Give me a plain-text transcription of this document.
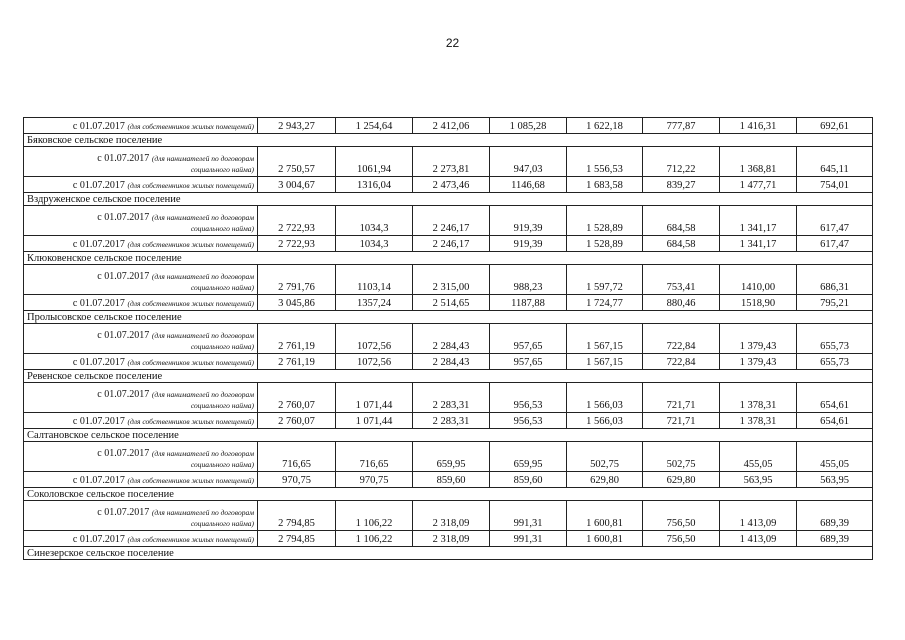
22
с 01.07.2017 (для собственников жилых помещений)	2 943,27	1 254,64	2 412,06	1 085,28	1 622,18	777,87	1 416,31	692,61
Бяковское сельское поселение								
с 01.07.2017 (для нанимателей по договорам
социального найма)	2 750,57	1061,94	2 273,81	947,03	1 556,53	712,22	1 368,81	645,11
с 01.07.2017 (для собственников жилых помещений)	3 004,67	1316,04	2 473,46	1146,68	1 683,58	839,27	1 477,71	754,01
Вздруженское сельское поселение								
с 01.07.2017 (для нанимателей по договорам
социального найма)	2 722,93	1034,3	2 246,17	919,39	1 528,89	684,58	1 341,17	617,47
с 01.07.2017 (для собственников жилых помещений)	2 722,93	1034,3	2 246,17	919,39	1 528,89	684,58	1 341,17	617,47
Клюковенское сельское поселение								
с 01.07.2017 (для нанимателей по договорам
социального найма)	2 791,76	1103,14	2 315,00	988,23	1 597,72	753,41	1410,00	686,31
с 01.07.2017 (для собственников жилых помещений)	3 045,86	1357,24	2 514,65	1187,88	1 724,77	880,46	1518,90	795,21
Пролысовское сельское поселение								
с 01.07.2017 (для нанимателей по договорам
социального найма)	2 761,19	1072,56	2 284,43	957,65	1 567,15	722,84	1 379,43	655,73
с 01.07.2017 (для собственников жилых помещений)	2 761,19	1072,56	2 284,43	957,65	1 567,15	722,84	1 379,43	655,73
Ревенское сельское поселение								
с 01.07.2017 (для нанимателей по договорам
социального найма)	2 760,07	1 071,44	2 283,31	956,53	1 566,03	721,71	1 378,31	654,61
с 01.07.2017 (для собственников жилых помещений)	2 760,07	1 071,44	2 283,31	956,53	1 566,03	721,71	1 378,31	654,61
Салтановское сельское поселение								
с 01.07.2017 (для нанимателей по договорам
социального найма)	716,65	716,65	659,95	659,95	502,75	502,75	455,05	455,05
с 01.07.2017 (для собственников жилых помещений)	970,75	970,75	859,60	859,60	629,80	629,80	563,95	563,95
Соколовское сельское поселение								
с 01.07.2017 (для нанимателей по договорам
социального найма)	2 794,85	1 106,22	2 318,09	991,31	1 600,81	756,50	1 413,09	689,39
с 01.07.2017 (для собственников жилых помещений)	2 794,85	1 106,22	2 318,09	991,31	1 600,81	756,50	1 413,09	689,39
Синезерское сельское поселение								
